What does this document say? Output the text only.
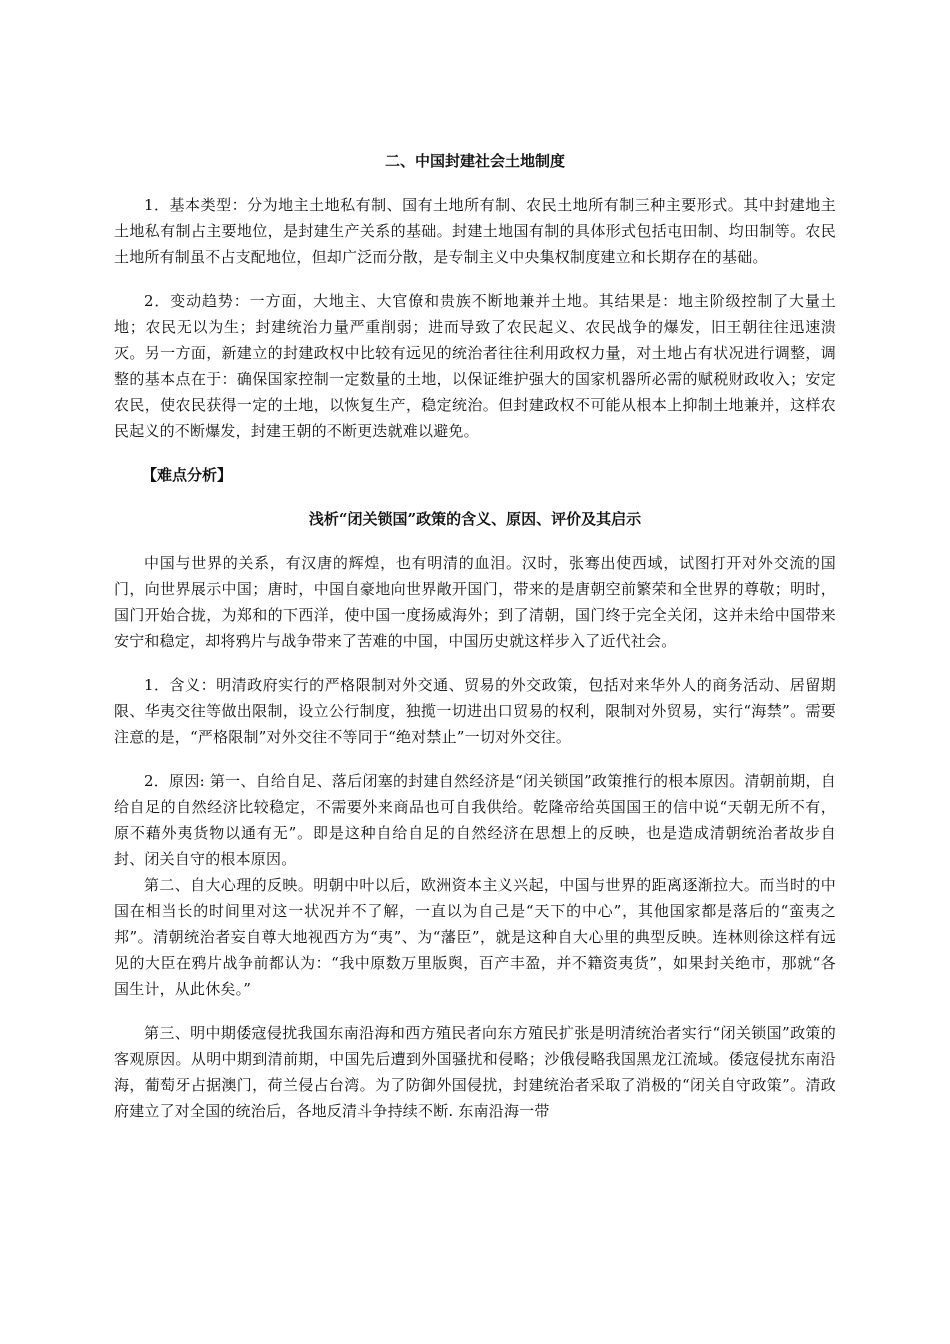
二、中国封建社会土地制度

1．基本类型：分为地主土地私有制、国有土地所有制、农民土地所有制三种主要形式。其中封建地主土地私有制占主要地位，是封建生产关系的基础。封建土地国有制的具体形式包括屯田制、均田制等。农民土地所有制虽不占支配地位，但却广泛而分散，是专制主义中央集权制度建立和长期存在的基础。

2．变动趋势：一方面，大地主、大官僚和贵族不断地兼并土地。其结果是：地主阶级控制了大量土地；农民无以为生；封建统治力量严重削弱；进而导致了农民起义、农民战争的爆发，旧王朝往往迅速溃灭。另一方面，新建立的封建政权中比较有远见的统治者往往利用政权力量，对土地占有状况进行调整，调整的基本点在于：确保国家控制一定数量的土地，以保证维护强大的国家机器所必需的赋税财政收入；安定农民，使农民获得一定的土地，以恢复生产，稳定统治。但封建政权不可能从根本上抑制土地兼并，这样农民起义的不断爆发，封建王朝的不断更迭就难以避免。

【难点分析】
浅析“闭关锁国”政策的含义、原因、评价及其启示

中国与世界的关系，有汉唐的辉煌，也有明清的血泪。汉时，张骞出使西域，试图打开对外交流的国门，向世界展示中国；唐时，中国自豪地向世界敞开国门，带来的是唐朝空前繁荣和全世界的尊敬；明时，国门开始合拢，为郑和的下西洋，使中国一度扬威海外；到了清朝，国门终于完全关闭，这并未给中国带来安宁和稳定，却将鸦片与战争带来了苦难的中国，中国历史就这样步入了近代社会。

1．含义：明清政府实行的严格限制对外交通、贸易的外交政策，包括对来华外人的商务活动、居留期限、华夷交往等做出限制，设立公行制度，独揽一切进出口贸易的权利，限制对外贸易，实行“海禁”。需要注意的是，“严格限制”对外交往不等同于“绝对禁止”一切对外交往。

2．原因: 第一、自给自足、落后闭塞的封建自然经济是“闭关锁国”政策推行的根本原因。清朝前期，自给自足的自然经济比较稳定，不需要外来商品也可自我供给。乾隆帝给英国国王的信中说“天朝无所不有，原不藉外夷货物以通有无”。即是这种自给自足的自然经济在思想上的反映，也是造成清朝统治者故步自封、闭关自守的根本原因。

第二、自大心理的反映。明朝中叶以后，欧洲资本主义兴起，中国与世界的距离逐渐拉大。而当时的中国在相当长的时间里对这一状况并不了解，一直以为自己是“天下的中心”，其他国家都是落后的“蛮夷之邦”。清朝统治者妄自尊大地视西方为“夷”、为“藩臣”，就是这种自大心里的典型反映。连林则徐这样有远见的大臣在鸦片战争前都认为：“我中原数万里版舆，百产丰盈，并不籍资夷货”，如果封关绝市，那就“各国生计，从此休矣。”

第三、明中期倭寇侵扰我国东南沿海和西方殖民者向东方殖民扩张是明清统治者实行“闭关锁国”政策的客观原因。从明中期到清前期，中国先后遭到外国骚扰和侵略；沙俄侵略我国黑龙江流域。倭寇侵扰东南沿海，葡萄牙占据澳门，荷兰侵占台湾。为了防御外国侵扰，封建统治者采取了消极的“闭关自守政策”。清政府建立了对全国的统治后，各地反清斗争持续不断. 东南沿海一带
